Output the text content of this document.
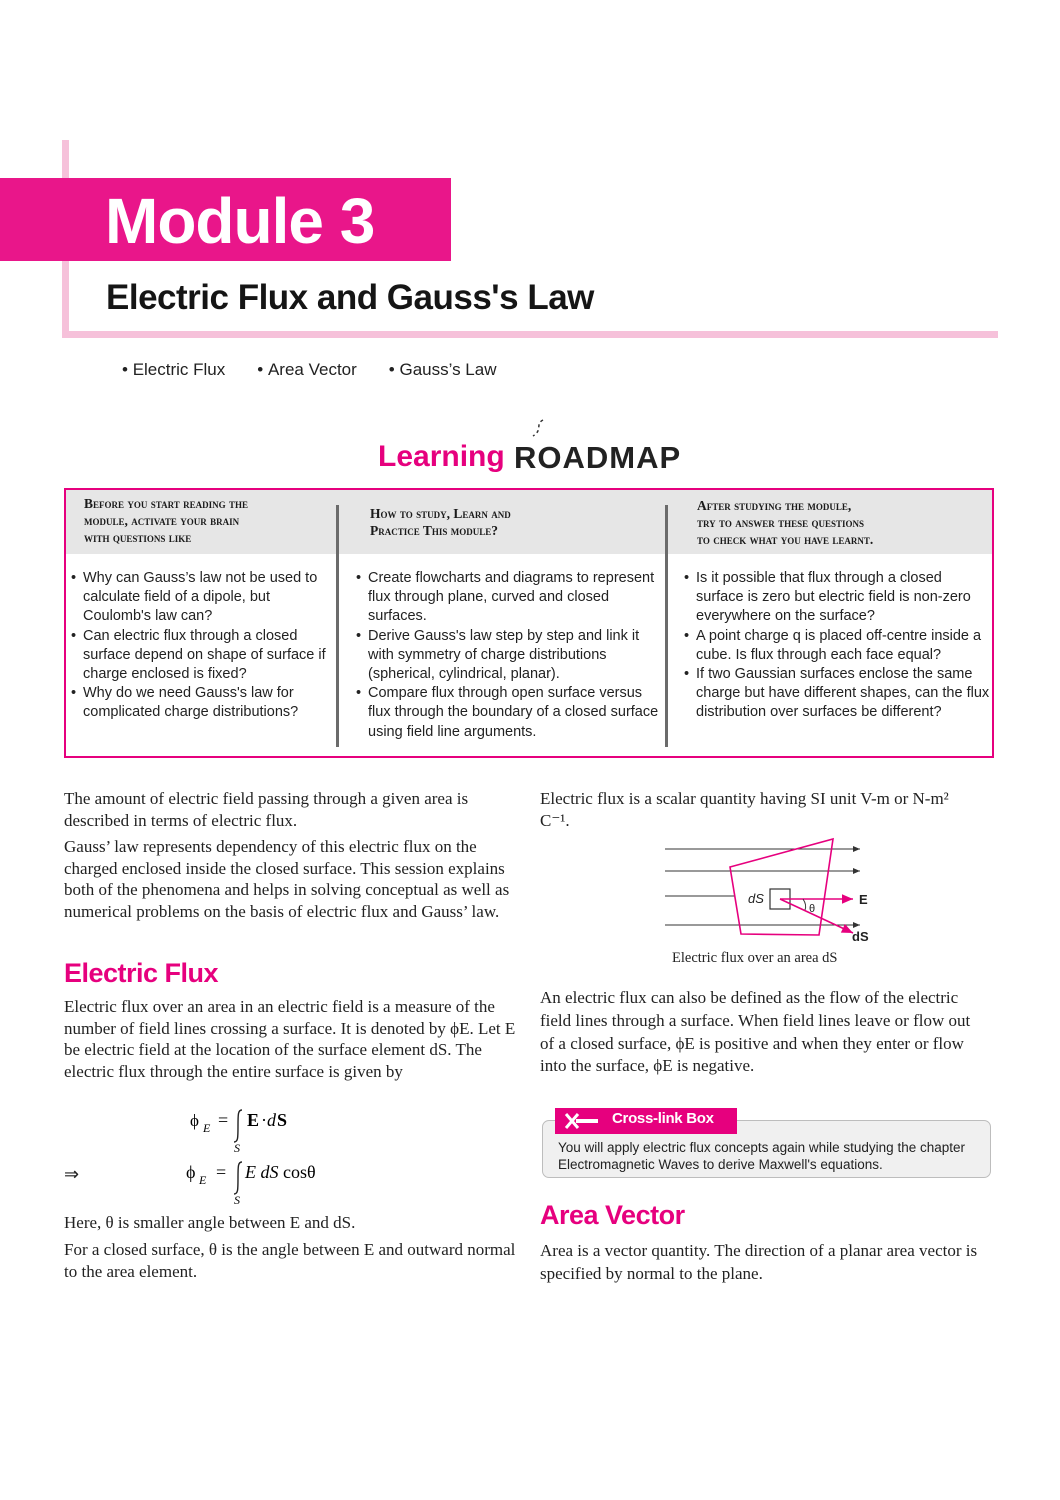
Module 3
Electric Flux and Gauss's Law
• Electric Flux	• Area Vector	• Gauss’s Law
Learning ROADMAP
Before you start reading the
module, activate your brain
with questions like
How to study, Learn and
Practice This module?
After studying the module,
try to answer these questions
to check what you have learnt.
• Why can Gauss’s law not be used to calculate field of a dipole, but Coulomb's law can?
• Can electric flux through a closed surface depend on shape of surface if charge enclosed is fixed?
• Why do we need Gauss's law for complicated charge distributions?
• Create flowcharts and diagrams to represent flux through plane, curved and closed surfaces.
• Derive Gauss's law step by step and link it with symmetry of charge distributions (spherical, cylindrical, planar).
• Compare flux through open surface versus flux through the boundary of a closed surface using field line arguments.
• Is it possible that flux through a closed surface is zero but electric field is non-zero everywhere on the surface?
• A point charge q is placed off-centre inside a cube. Is flux through each face equal?
• If two Gaussian surfaces enclose the same charge but have different shapes, can the flux distribution over surfaces be different?

The amount of electric field passing through a given area is described in terms of electric flux.

Gauss’ law represents dependency of this electric flux on the charged enclosed inside the closed surface. This session explains both of the phenomena and helps in solving conceptual as well as numerical problems on the basis of electric flux and Gauss’ law.

Electric Flux

Electric flux over an area in an electric field is a measure of the number of field lines crossing a surface. It is denoted by ϕE. Let E be electric field at the location of the surface element dS. The electric flux through the entire surface is given by

ϕ E =
S
E · d S
ϕ E =
S
E dS cosθ
⇒

Here, θ is smaller angle between E and dS.

For a closed surface, θ is the angle between E and outward normal to the area element.

Electric flux is a scalar quantity having SI unit V-m or N-m² C⁻¹.

dS
θ
E
dS
Electric flux over an area dS

An electric flux can also be defined as the flow of the electric field lines through a surface. When field lines leave or flow out of a closed surface, ϕE is positive and when they enter or flow into the surface, ϕE is negative.

Cross-link Box
You will apply electric flux concepts again while studying the chapter Electromagnetic Waves to derive Maxwell's equations.
Area Vector

Area is a vector quantity. The direction of a planar area vector is specified by normal to the plane.
